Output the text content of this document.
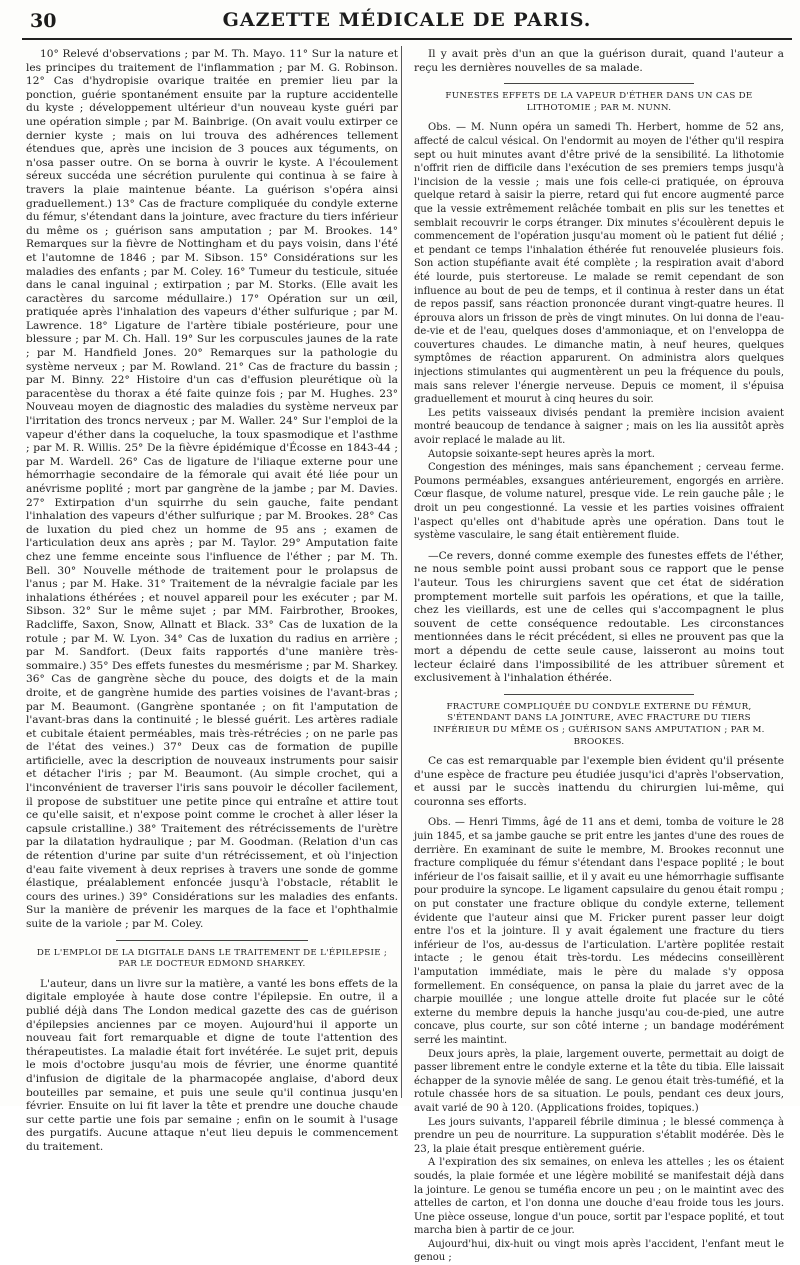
30	GAZETTE MÉDICALE DE PARIS.

10° Relevé d'observations ; par M. Th. Mayo. 11° Sur la nature et les principes du traitement de l'inflammation ; par M. G. Robinson. 12° Cas d'hydropisie ovarique traitée en premier lieu par la ponction, guérie spontanément ensuite par la rupture accidentelle du kyste ; développement ultérieur d'un nouveau kyste guéri par une opération simple ; par M. Bainbrige. (On avait voulu extirper ce dernier kyste ; mais on lui trouva des adhérences tellement étendues que, après une incision de 3 pouces aux téguments, on n'osa passer outre. On se borna à ouvrir le kyste. A l'écoulement séreux succéda une sécrétion purulente qui continua à se faire à travers la plaie maintenue béante. La guérison s'opéra ainsi graduellement.) 13° Cas de fracture compliquée du condyle externe du fémur, s'étendant dans la jointure, avec fracture du tiers inférieur du même os ; guérison sans amputation ; par M. Brookes. 14° Remarques sur la fièvre de Nottingham et du pays voisin, dans l'été et l'automne de 1846 ; par M. Sibson. 15° Considérations sur les maladies des enfants ; par M. Coley. 16° Tumeur du testicule, située dans le canal inguinal ; extirpation ; par M. Storks. (Elle avait les caractères du sarcome médullaire.) 17° Opération sur un œil, pratiquée après l'inhalation des vapeurs d'éther sulfurique ; par M. Lawrence. 18° Ligature de l'artère tibiale postérieure, pour une blessure ; par M. Ch. Hall. 19° Sur les corpuscules jaunes de la rate ; par M. Handfield Jones. 20° Remarques sur la pathologie du système nerveux ; par M. Rowland. 21° Cas de fracture du bassin ; par M. Binny. 22° Histoire d'un cas d'effusion pleurétique où la paracentèse du thorax a été faite quinze fois ; par M. Hughes. 23° Nouveau moyen de diagnostic des maladies du système nerveux par l'irritation des troncs nerveux ; par M. Waller. 24° Sur l'emploi de la vapeur d'éther dans la coqueluche, la toux spasmodique et l'asthme ; par M. R. Willis. 25° De la fièvre épidémique d'Écosse en 1843-44 ; par M. Wardell. 26° Cas de ligature de l'iliaque externe pour une hémorrhagie secondaire de la fémorale qui avait été liée pour un anévrisme poplité ; mort par gangrène de la jambe ; par M. Davies. 27° Extirpation d'un squirrhe du sein gauche, faite pendant l'inhalation des vapeurs d'éther sulfurique ; par M. Brookes. 28° Cas de luxation du pied chez un homme de 95 ans ; examen de l'articulation deux ans après ; par M. Taylor. 29° Amputation faite chez une femme enceinte sous l'influence de l'éther ; par M. Th. Bell. 30° Nouvelle méthode de traitement pour le prolapsus de l'anus ; par M. Hake. 31° Traitement de la névralgie faciale par les inhalations éthérées ; et nouvel appareil pour les exécuter ; par M. Sibson. 32° Sur le même sujet ; par MM. Fairbrother, Brookes, Radcliffe, Saxon, Snow, Allnatt et Black. 33° Cas de luxation de la rotule ; par M. W. Lyon. 34° Cas de luxation du radius en arrière ; par M. Sandfort. (Deux faits rapportés d'une manière très-sommaire.) 35° Des effets funestes du mesmérisme ; par M. Sharkey. 36° Cas de gangrène sèche du pouce, des doigts et de la main droite, et de gangrène humide des parties voisines de l'avant-bras ; par M. Beaumont. (Gangrène spontanée ; on fit l'amputation de l'avant-bras dans la continuité ; le blessé guérit. Les artères radiale et cubitale étaient perméables, mais très-rétrécies ; on ne parle pas de l'état des veines.) 37° Deux cas de formation de pupille artificielle, avec la description de nouveaux instruments pour saisir et détacher l'iris ; par M. Beaumont. (Au simple crochet, qui a l'inconvénient de traverser l'iris sans pouvoir le décoller facilement, il propose de substituer une petite pince qui entraîne et attire tout ce qu'elle saisit, et n'expose point comme le crochet à aller léser la capsule cristalline.) 38° Traitement des rétrécissements de l'urètre par la dilatation hydraulique ; par M. Goodman. (Relation d'un cas de rétention d'urine par suite d'un rétrécissement, et où l'injection d'eau faite vivement à deux reprises à travers une sonde de gomme élastique, préalablement enfoncée jusqu'à l'obstacle, rétablit le cours des urines.) 39° Considérations sur les maladies des enfants. Sur la manière de prévenir les marques de la face et l'ophthalmie suite de la variole ; par M. Coley.

DE L'EMPLOI DE LA DIGITALE DANS LE TRAITEMENT DE L'ÉPILEPSIE ; PAR LE DOCTEUR EDMOND SHARKEY.

L'auteur, dans un livre sur la matière, a vanté les bons effets de la digitale employée à haute dose contre l'épilepsie. En outre, il a publié déjà dans The London medical gazette des cas de guérison d'épilepsies anciennes par ce moyen. Aujourd'hui il apporte un nouveau fait fort remarquable et digne de toute l'attention des thérapeutistes. La maladie était fort invétérée. Le sujet prit, depuis le mois d'octobre jusqu'au mois de février, une énorme quantité d'infusion de digitale de la pharmacopée anglaise, d'abord deux bouteilles par semaine, et puis une seule qu'il continua jusqu'en février. Ensuite on lui fit laver la tête et prendre une douche chaude sur cette partie une fois par semaine ; enfin on le soumit à l'usage des purgatifs. Aucune attaque n'eut lieu depuis le commencement du traitement.

Il y avait près d'un an que la guérison durait, quand l'auteur a reçu les dernières nouvelles de sa malade.

FUNESTES EFFETS DE LA VAPEUR D'ÉTHER DANS UN CAS DE LITHOTOMIE ; PAR M. NUNN.

Obs. — M. Nunn opéra un samedi Th. Herbert, homme de 52 ans, affecté de calcul vésical. On l'endormit au moyen de l'éther qu'il respira sept ou huit minutes avant d'être privé de la sensibilité. La lithotomie n'offrit rien de difficile dans l'exécution de ses premiers temps jusqu'à l'incision de la vessie ; mais une fois celle-ci pratiquée, on éprouva quelque retard à saisir la pierre, retard qui fut encore augmenté parce que la vessie extrêmement relâchée tombait en plis sur les tenettes et semblait recouvrir le corps étranger. Dix minutes s'écoulèrent depuis le commencement de l'opération jusqu'au moment où le patient fut délié ; et pendant ce temps l'inhalation éthérée fut renouvelée plusieurs fois. Son action stupéfiante avait été complète ; la respiration avait d'abord été lourde, puis stertoreuse. Le malade se remit cependant de son influence au bout de peu de temps, et il continua à rester dans un état de repos passif, sans réaction prononcée durant vingt-quatre heures. Il éprouva alors un frisson de près de vingt minutes. On lui donna de l'eau-de-vie et de l'eau, quelques doses d'ammoniaque, et on l'enveloppa de couvertures chaudes. Le dimanche matin, à neuf heures, quelques symptômes de réaction apparurent. On administra alors quelques injections stimulantes qui augmentèrent un peu la fréquence du pouls, mais sans relever l'énergie nerveuse. Depuis ce moment, il s'épuisa graduellement et mourut à cinq heures du soir.

Les petits vaisseaux divisés pendant la première incision avaient montré beaucoup de tendance à saigner ; mais on les lia aussitôt après avoir replacé le malade au lit.

Autopsie soixante-sept heures après la mort.

Congestion des méninges, mais sans épanchement ; cerveau ferme. Poumons perméables, exsangues antérieurement, engorgés en arrière. Cœur flasque, de volume naturel, presque vide. Le rein gauche pâle ; le droit un peu congestionné. La vessie et les parties voisines offraient l'aspect qu'elles ont d'habitude après une opération. Dans tout le système vasculaire, le sang était entièrement fluide.

—Ce revers, donné comme exemple des funestes effets de l'éther, ne nous semble point aussi probant sous ce rapport que le pense l'auteur. Tous les chirurgiens savent que cet état de sidération promptement mortelle suit parfois les opérations, et que la taille, chez les vieillards, est une de celles qui s'accompagnent le plus souvent de cette conséquence redoutable. Les circonstances mentionnées dans le récit précédent, si elles ne prouvent pas que la mort a dépendu de cette seule cause, laisseront au moins tout lecteur éclairé dans l'impossibilité de les attribuer sûrement et exclusivement à l'inhalation éthérée.

FRACTURE COMPLIQUÉE DU CONDYLE EXTERNE DU FÉMUR, S'ÉTENDANT DANS LA JOINTURE, AVEC FRACTURE DU TIERS INFÉRIEUR DU MÊME OS ; GUÉRISON SANS AMPUTATION ; PAR M. BROOKES.

Ce cas est remarquable par l'exemple bien évident qu'il présente d'une espèce de fracture peu étudiée jusqu'ici d'après l'observation, et aussi par le succès inattendu du chirurgien lui-même, qui couronna ses efforts.

Obs. — Henri Timms, âgé de 11 ans et demi, tomba de voiture le 28 juin 1845, et sa jambe gauche se prit entre les jantes d'une des roues de derrière. En examinant de suite le membre, M. Brookes reconnut une fracture compliquée du fémur s'étendant dans l'espace poplité ; le bout inférieur de l'os faisait saillie, et il y avait eu une hémorrhagie suffisante pour produire la syncope. Le ligament capsulaire du genou était rompu ; on put constater une fracture oblique du condyle externe, tellement évidente que l'auteur ainsi que M. Fricker purent passer leur doigt entre l'os et la jointure. Il y avait également une fracture du tiers inférieur de l'os, au-dessus de l'articulation. L'artère poplitée restait intacte ; le genou était très-tordu. Les médecins conseillèrent l'amputation immédiate, mais le père du malade s'y opposa formellement. En conséquence, on pansa la plaie du jarret avec de la charpie mouillée ; une longue attelle droite fut placée sur le côté externe du membre depuis la hanche jusqu'au cou-de-pied, une autre concave, plus courte, sur son côté interne ; un bandage modérément serré les maintint.

Deux jours après, la plaie, largement ouverte, permettait au doigt de passer librement entre le condyle externe et la tête du tibia. Elle laissait échapper de la synovie mêlée de sang. Le genou était très-tuméfié, et la rotule chassée hors de sa situation. Le pouls, pendant ces deux jours, avait varié de 90 à 120. (Applications froides, topiques.)

Les jours suivants, l'appareil fébrile diminua ; le blessé commença à prendre un peu de nourriture. La suppuration s'établit modérée. Dès le 23, la plaie était presque entièrement guérie.

A l'expiration des six semaines, on enleva les attelles ; les os étaient soudés, la plaie formée et une légère mobilité se manifestait déjà dans la jointure. Le genou se tuméfia encore un peu ; on le maintint avec des attelles de carton, et l'on donna une douche d'eau froide tous les jours. Une pièce osseuse, longue d'un pouce, sortit par l'espace poplité, et tout marcha bien à partir de ce jour.

Aujourd'hui, dix-huit ou vingt mois après l'accident, l'enfant meut le genou ;
